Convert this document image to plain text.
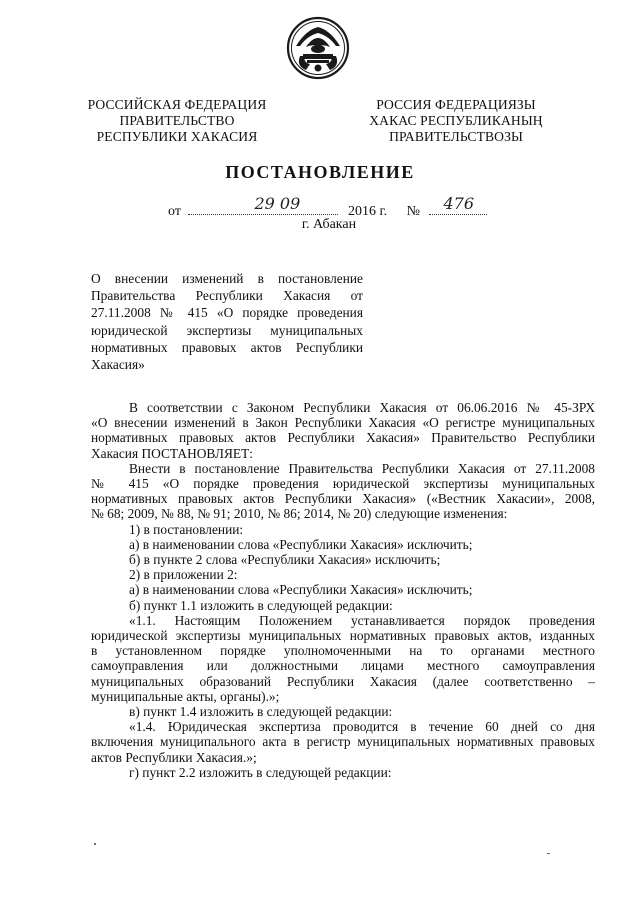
РОССИЙСКАЯ ФЕДЕРАЦИЯ
ПРАВИТЕЛЬСТВО
РЕСПУБЛИКИ ХАКАСИЯ
РОССИЯ ФЕДЕРАЦИЯЗЫ
ХАКАС РЕСПУБЛИКАНЫҢ
ПРАВИТЕЛЬСТВОЗЫ
ПОСТАНОВЛЕНИЕ
от	29 09	2016 г. № 476
г. Абакан
О внесении изменений в постановление
Правительства Республики Хакасия от
27.11.2008 № 415 «О порядке проведения
юридической экспертизы муниципальных
нормативных правовых актов Республики
Хакасия»
В соответствии с Законом Республики Хакасия от 06.06.2016 № 45-ЗРХ
«О внесении изменений в Закон Республики Хакасия «О регистре муниципальных
нормативных правовых актов Республики Хакасия» Правительство Республики
Хакасия ПОСТАНОВЛЯЕТ:
Внести в постановление Правительства Республики Хакасия от 27.11.2008
№ 415 «О порядке проведения юридической экспертизы муниципальных
нормативных правовых актов Республики Хакасия» («Вестник Хакасии», 2008,
№ 68; 2009, № 88, № 91; 2010, № 86; 2014, № 20) следующие изменения:
1) в постановлении:
а) в наименовании слова «Республики Хакасия» исключить;
б) в пункте 2 слова «Республики Хакасия» исключить;
2) в приложении 2:
а) в наименовании слова «Республики Хакасия» исключить;
б) пункт 1.1 изложить в следующей редакции:
«1.1. Настоящим Положением устанавливается порядок проведения
юридической экспертизы муниципальных нормативных правовых актов, изданных
в установленном порядке уполномоченными на то органами местного
самоуправления или должностными лицами местного самоуправления
муниципальных образований Республики Хакасия (далее соответственно –
муниципальные акты, органы).»;
в) пункт 1.4 изложить в следующей редакции:
«1.4. Юридическая экспертиза проводится в течение 60 дней со дня
включения муниципального акта в регистр муниципальных нормативных правовых
актов Республики Хакасия.»;
г) пункт 2.2 изложить в следующей редакции:
